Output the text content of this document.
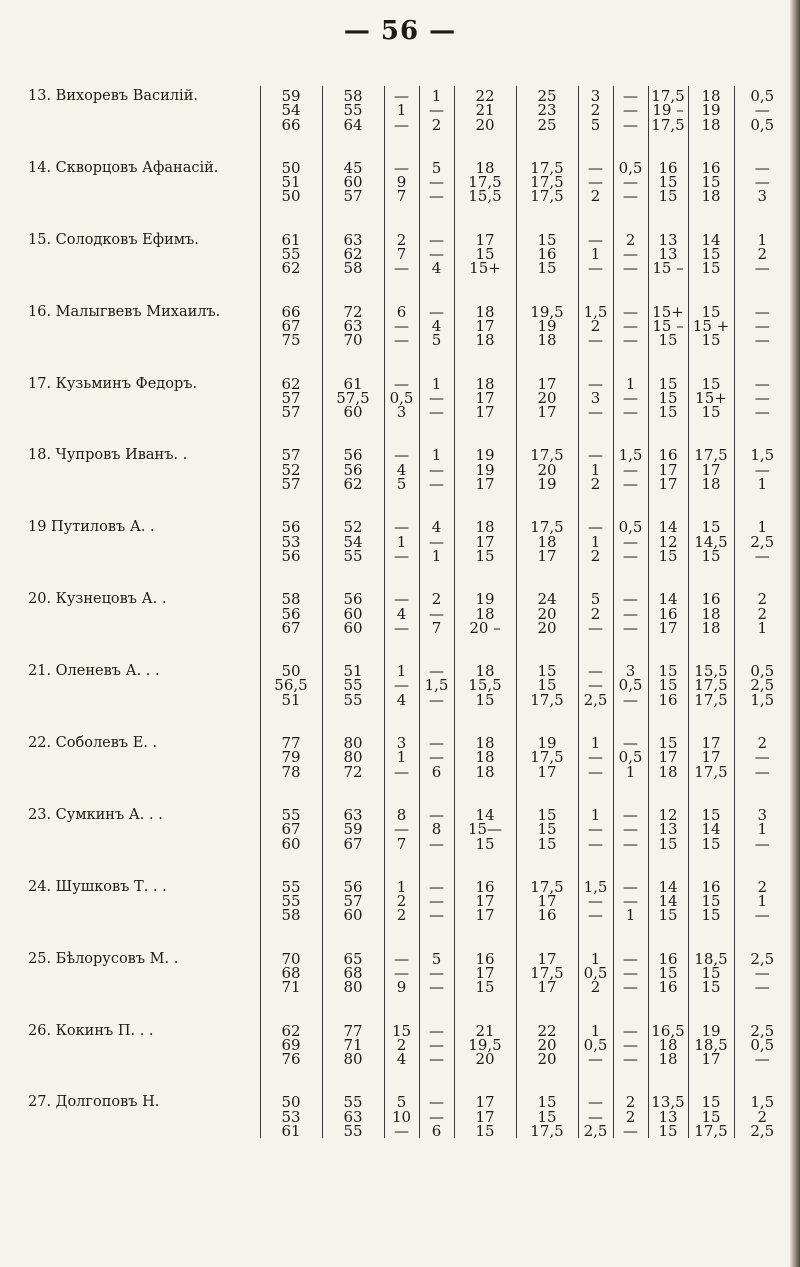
— 56 —
13. Вихоревъ Василій.	59	58	—	1	22	25	3	—	17,5	18	0,5
	54	55	1	—	21	23	2	—	19 –	19	—
	66	64	—	2	20	25	5	—	17,5	18	0,5

14. Скворцовъ Афанасій.	50	45	—	5	18	17,5	—	0,5	16	16	—
	51	60	9	—	17,5	17,5	—	—	15	15	—
	50	57	7	—	15,5	17,5	2	—	15	18	3

15. Солодковъ Ефимъ.	61	63	2	—	17	15	—	2	13	14	1
	55	62	7	—	15	16	1	—	13	15	2
	62	58	—	4	15+	15	—	—	15 –	15	—

16. Малыгвевъ Михаилъ.	66	72	6	—	18	19,5	1,5	—	15+	15	—
	67	63	—	4	17	19	2	—	15 –	15 +	—
	75	70	—	5	18	18	—	—	15	15	—

17. Кузьминъ Федоръ.	62	61	—	1	18	17	—	1	15	15	—
	57	57,5	0,5	—	17	20	3	—	15	15+	—
	57	60	3	—	17	17	—	—	15	15	—

18. Чупровъ Иванъ. .	57	56	—	1	19	17,5	—	1,5	16	17,5	1,5
	52	56	4	—	19	20	1	—	17	17	—
	57	62	5	—	17	19	2	—	17	18	1

19 Путиловъ А. .	56	52	—	4	18	17,5	—	0,5	14	15	1
	53	54	1	—	17	18	1	—	12	14,5	2,5
	56	55	—	1	15	17	2	—	15	15	—

20. Кузнецовъ А. .	58	56	—	2	19	24	5	—	14	16	2
	56	60	4	—	18	20	2	—	16	18	2
	67	60	—	7	20 –	20	—	—	17	18	1

21. Оленевъ А. . .	50	51	1	—	18	15	—	3	15	15,5	0,5
	56,5	55	—	1,5	15,5	15	—	0,5	15	17,5	2,5
	51	55	4	—	15	17,5	2,5	—	16	17,5	1,5

22. Соболевъ Е. .	77	80	3	—	18	19	1	—	15	17	2
	79	80	1	—	18	17,5	—	0,5	17	17	—
	78	72	—	6	18	17	—	1	18	17,5	—

23. Сумкинъ А. . .	55	63	8	—	14	15	1	—	12	15	3
	67	59	—	8	15—	15	—	—	13	14	1
	60	67	7	—	15	15	—	—	15	15	—

24. Шушковъ Т. . .	55	56	1	—	16	17,5	1,5	—	14	16	2
	55	57	2	—	17	17	—	—	14	15	1
	58	60	2	—	17	16	—	1	15	15	—

25. Бѣлорусовъ М. .	70	65	—	5	16	17	1	—	16	18,5	2,5
	68	68	—	—	17	17,5	0,5	—	15	15	—
	71	80	9	—	15	17	2	—	16	15	—

26. Кокинъ П. . .	62	77	15	—	21	22	1	—	16,5	19	2,5
	69	71	2	—	19,5	20	0,5	—	18	18,5	0,5
	76	80	4	—	20	20	—	—	18	17	—

27. Долгоповъ Н.	50	55	5	—	17	15	—	2	13,5	15	1,5
	53	63	10	—	17	15	—	2	13	15	2
	61	55	—	6	15	17,5	2,5	—	15	17,5	2,5
